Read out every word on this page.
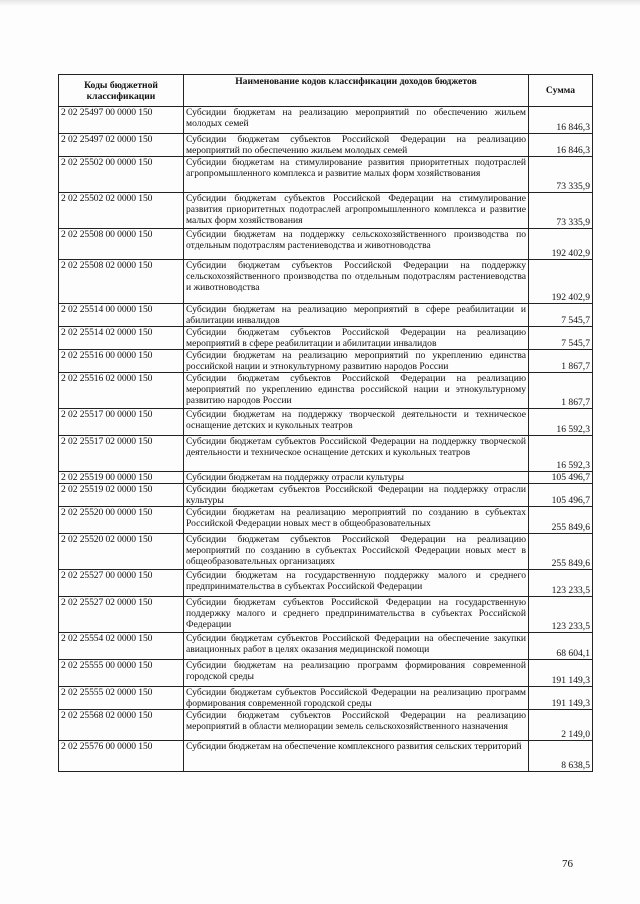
Коды бюджетной классификации	Наименование кодов классификации доходов бюджетов	Сумма
2 02 25497 00 0000 150	Субсидии бюджетам на реализацию мероприятий по обеспечению жильем молодых семей	16 846,3
2 02 25497 02 0000 150	Субсидии бюджетам субъектов Российской Федерации на реализацию мероприятий по обеспечению жильем молодых семей	16 846,3
2 02 25502 00 0000 150	Субсидии бюджетам на стимулирование развития приоритетных подотраслей агропромышленного комплекса и развитие малых форм хозяйствования	73 335,9
2 02 25502 02 0000 150	Субсидии бюджетам субъектов Российской Федерации на стимулирование развития приоритетных подотраслей агропромышленного комплекса и развитие малых форм хозяйствования	73 335,9
2 02 25508 00 0000 150	Субсидии бюджетам на поддержку сельскохозяйственного производства по отдельным подотраслям растениеводства и животноводства	192 402,9
2 02 25508 02 0000 150	Субсидии бюджетам субъектов Российской Федерации на поддержку сельскохозяйственного производства по отдельным подотраслям растениеводства и животноводства	192 402,9
2 02 25514 00 0000 150	Субсидии бюджетам на реализацию мероприятий в сфере реабилитации и абилитации инвалидов	7 545,7
2 02 25514 02 0000 150	Субсидии бюджетам субъектов Российской Федерации на реализацию мероприятий в сфере реабилитации и абилитации инвалидов	7 545,7
2 02 25516 00 0000 150	Субсидии бюджетам на реализацию мероприятий по укреплению единства российской нации и этнокультурному развитию народов России	1 867,7
2 02 25516 02 0000 150	Субсидии бюджетам субъектов Российской Федерации на реализацию мероприятий по укреплению единства российской нации и этнокультурному развитию народов России	1 867,7
2 02 25517 00 0000 150	Субсидии бюджетам на поддержку творческой деятельности и техническое оснащение детских и кукольных театров	16 592,3
2 02 25517 02 0000 150	Субсидии бюджетам субъектов Российской Федерации на поддержку творческой деятельности и техническое оснащение детских и кукольных театров	16 592,3
2 02 25519 00 0000 150	Субсидии бюджетам на поддержку отрасли культуры	105 496,7
2 02 25519 02 0000 150	Субсидии бюджетам субъектов Российской Федерации на поддержку отрасли культуры	105 496,7
2 02 25520 00 0000 150	Субсидии бюджетам на реализацию мероприятий по созданию в субъектах Российской Федерации новых мест в общеобразовательных	255 849,6
2 02 25520 02 0000 150	Субсидии бюджетам субъектов Российской Федерации на реализацию мероприятий по созданию в субъектах Российской Федерации новых мест в общеобразовательных организациях	255 849,6
2 02 25527 00 0000 150	Субсидии бюджетам на государственную поддержку малого и среднего предпринимательства в субъектах Российской Федерации	123 233,5
2 02 25527 02 0000 150	Субсидии бюджетам субъектов Российской Федерации на государственную поддержку малого и среднего предпринимательства в субъектах Российской Федерации	123 233,5
2 02 25554 02 0000 150	Субсидии бюджетам субъектов Российской Федерации на обеспечение закупки авиационных работ в целях оказания медицинской помощи	68 604,1
2 02 25555 00 0000 150	Субсидии бюджетам на реализацию программ формирования современной городской среды	191 149,3
2 02 25555 02 0000 150	Субсидии бюджетам субъектов Российской Федерации на реализацию программ формирования современной городской среды	191 149,3
2 02 25568 02 0000 150	Субсидии бюджетам субъектов Российской Федерации на реализацию мероприятий в области мелиорации земель сельскохозяйственного назначения	2 149,0
2 02 25576 00 0000 150	Субсидии бюджетам на обеспечение комплексного развития сельских территорий	8 638,5
76
